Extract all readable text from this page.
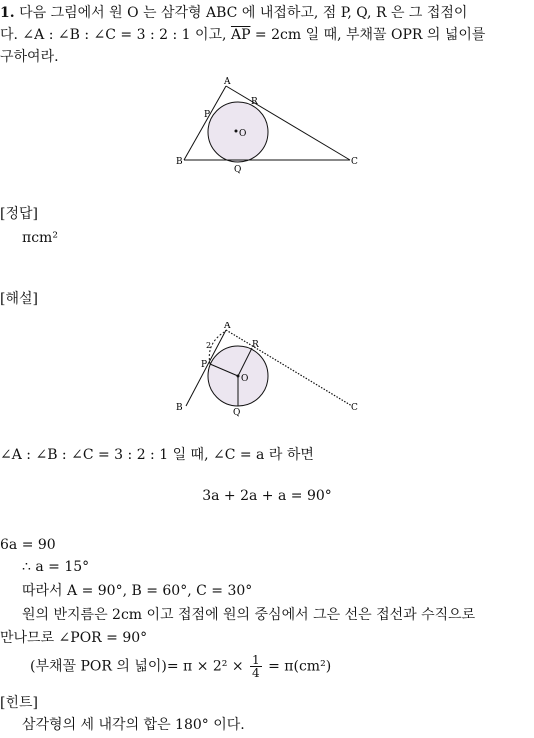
1. 다음 그림에서 원 O 는 삼각형 ABC 에 내접하고, 점 P, Q, R 은 그 접점이
다. ∠A : ∠B : ∠C = 3 : 2 : 1 이고, $\overline{AP} = 2cm$ 일 때, 부채꼴 OPR 의 넓이를
구하여라.
A
B	C
P
Q
R
O
[정답]
πcm²
[해설]
A
B	C
P
Q
R
O
2
∠A : ∠B : ∠C = 3 : 2 : 1 일 때, ∠C = a 라 하면
3a + 2a + a = 90°
6a = 90
∴ a = 15°
따라서 A = 90°, B = 60°, C = 30°
원의 반지름은 2cm 이고 접점에 원의 중심에서 그은 선은 접선과 수직으로
만나므로 ∠POR = 90°
(부채꼴 POR 의 넓이)= $\pi \times 2^2 \times \frac{1}{4} = \pi(cm^2)$
[힌트]
삼각형의 세 내각의 합은 180° 이다.
